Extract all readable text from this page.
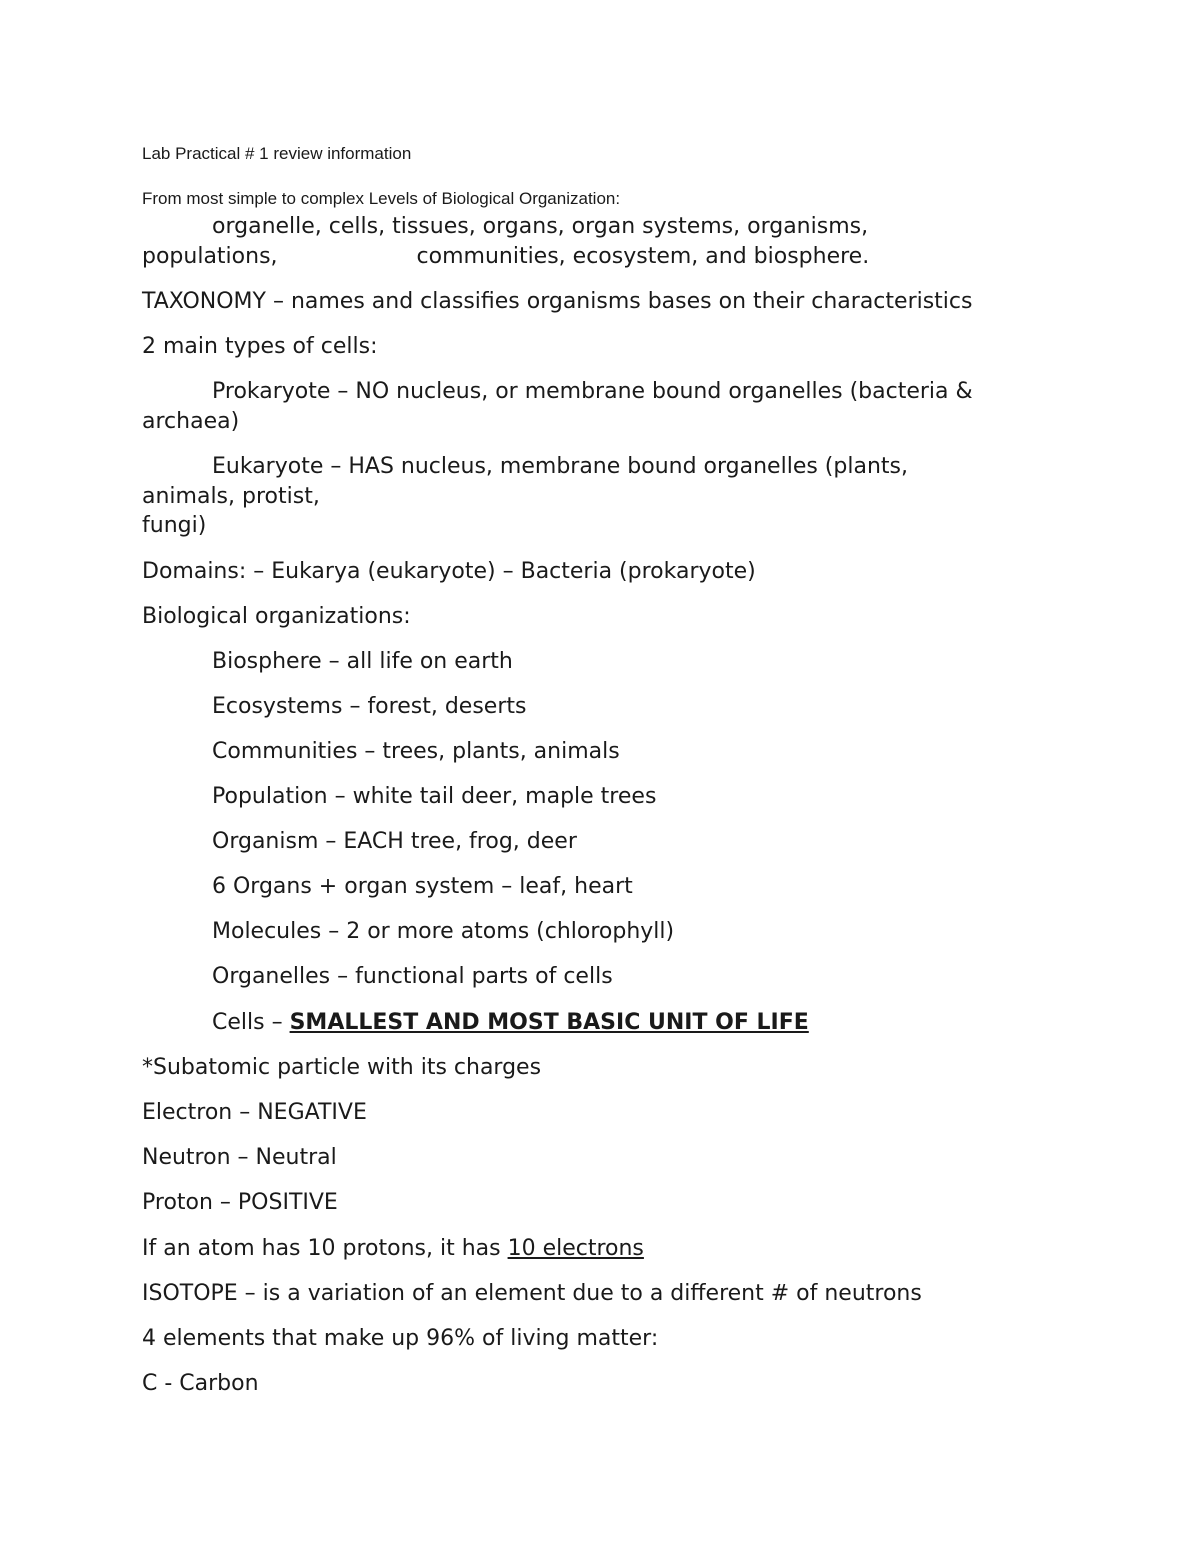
Lab Practical # 1 review information

From most simple to complex Levels of Biological Organization:

organelle, cells, tissues, organs, organ systems, organisms,

populations,	communities, ecosystem, and biosphere.

TAXONOMY – names and classifies organisms bases on their characteristics

2 main types of cells:

Prokaryote – NO nucleus, or membrane bound organelles (bacteria &

archaea)

Eukaryote – HAS nucleus, membrane bound organelles (plants,

animals, protist,

fungi)

Domains: – Eukarya (eukaryote) – Bacteria (prokaryote)

Biological organizations:

Biosphere – all life on earth

Ecosystems – forest, deserts

Communities – trees, plants, animals

Population – white tail deer, maple trees

Organism – EACH tree, frog, deer

6 Organs + organ system – leaf, heart

Molecules – 2 or more atoms (chlorophyll)

Organelles – functional parts of cells

Cells – SMALLEST AND MOST BASIC UNIT OF LIFE

*Subatomic particle with its charges

Electron – NEGATIVE

Neutron – Neutral

Proton – POSITIVE

If an atom has 10 protons, it has 10 electrons

ISOTOPE – is a variation of an element due to a different # of neutrons

4 elements that make up 96% of living matter:

C - Carbon
